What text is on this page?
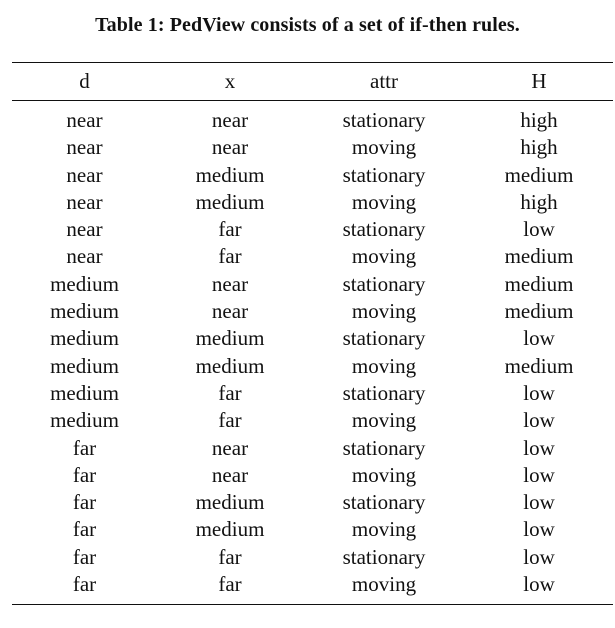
Table 1: PedView consists of a set of if-then rules.
d	x	attr	H
near	near	stationary	high
near	near	moving	high
near	medium	stationary	medium
near	medium	moving	high
near	far	stationary	low
near	far	moving	medium
medium	near	stationary	medium
medium	near	moving	medium
medium	medium	stationary	low
medium	medium	moving	medium
medium	far	stationary	low
medium	far	moving	low
far	near	stationary	low
far	near	moving	low
far	medium	stationary	low
far	medium	moving	low
far	far	stationary	low
far	far	moving	low
